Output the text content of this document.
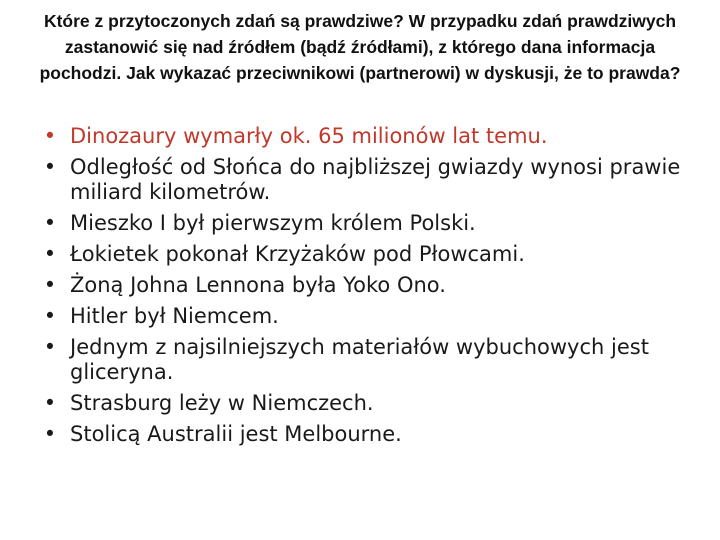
Które z przytoczonych zdań są prawdziwe? W przypadku zdań prawdziwych zastanowić się nad źródłem (bądź źródłami), z którego dana informacja pochodzi. Jak wykazać przeciwnikowi (partnerowi) w dyskusji, że to prawda?

• Dinozaury wymarły ok. 65 milionów lat temu.
• Odległość od Słońca do najbliższej gwiazdy wynosi prawie miliard kilometrów.
• Mieszko I był pierwszym królem Polski.
• Łokietek pokonał Krzyżaków pod Płowcami.
• Żoną Johna Lennona była Yoko Ono.
• Hitler był Niemcem.
• Jednym z najsilniejszych materiałów wybuchowych jest gliceryna.
• Strasburg leży w Niemczech.
• Stolicą Australii jest Melbourne.
